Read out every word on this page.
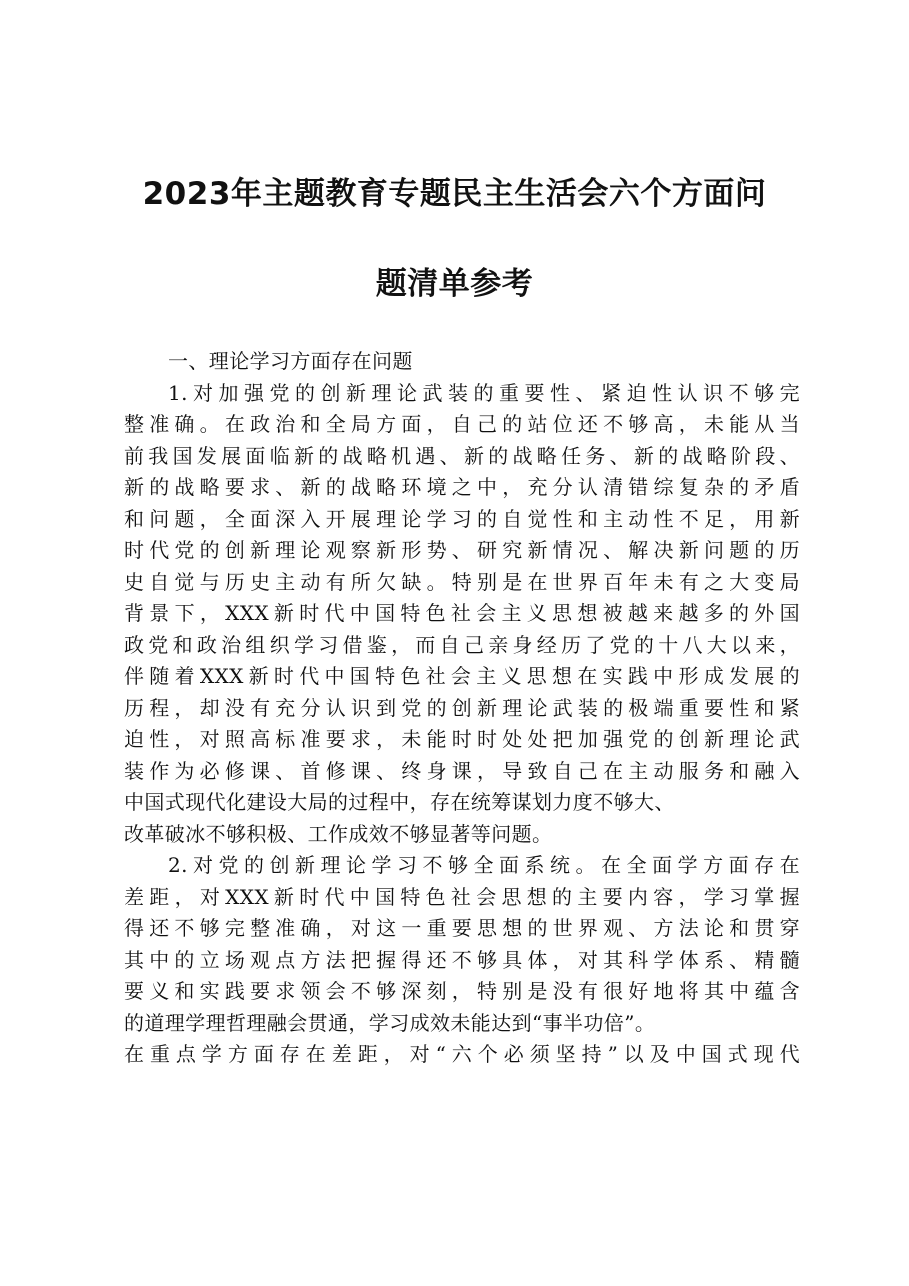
2023年主题教育专题民主生活会六个方面问
题清单参考
一、理论学习方面存在问题
1.对加强党的创新理论武装的重要性、紧迫性认识不够完
整准确。在政治和全局方面，自己的站位还不够高，未能从当
前我国发展面临新的战略机遇、新的战略任务、新的战略阶段、
新的战略要求、新的战略环境之中，充分认清错综复杂的矛盾
和问题，全面深入开展理论学习的自觉性和主动性不足，用新
时代党的创新理论观察新形势、研究新情况、解决新问题的历
史自觉与历史主动有所欠缺。特别是在世界百年未有之大变局
背景下，XXX新时代中国特色社会主义思想被越来越多的外国
政党和政治组织学习借鉴，而自己亲身经历了党的十八大以来，
伴随着XXX新时代中国特色社会主义思想在实践中形成发展的
历程，却没有充分认识到党的创新理论武装的极端重要性和紧
迫性，对照高标准要求，未能时时处处把加强党的创新理论武
装作为必修课、首修课、终身课，导致自己在主动服务和融入
中国式现代化建设大局的过程中，存在统筹谋划力度不够大、
改革破冰不够积极、工作成效不够显著等问题。
2.对党的创新理论学习不够全面系统。在全面学方面存在
差距，对XXX新时代中国特色社会思想的主要内容，学习掌握
得还不够完整准确，对这一重要思想的世界观、方法论和贯穿
其中的立场观点方法把握得还不够具体，对其科学体系、精髓
要义和实践要求领会不够深刻，特别是没有很好地将其中蕴含
的道理学理哲理融会贯通，学习成效未能达到“事半功倍”。
在重点学方面存在差距，对“六个必须坚持”以及中国式现代
